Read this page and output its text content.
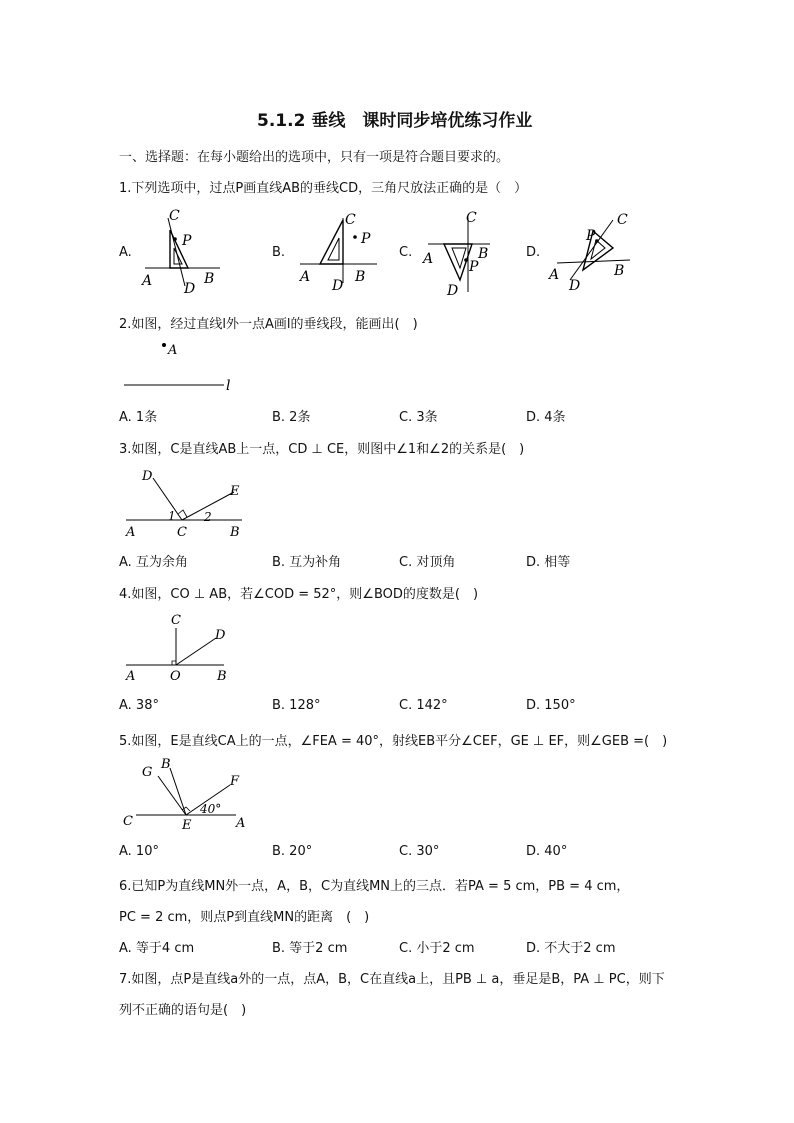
5.1.2 垂线　课时同步培优练习作业
一、选择题：在每小题给出的选项中，只有一项是符合题目要求的。
1.下列选项中，过点P画直线AB的垂线CD，三角尺放法正确的是（　）
A.
C
P
A D
B
B.
C
P
A
D
B
C.
C
A	B
P
D
D.
C
P
B
A
D
2.如图，经过直线l外一点A画l的垂线段，能画出(　)
A
l
A. 1条	B. 2条	C. 3条	D. 4条
3.如图，C是直线AB上一点，CD ⊥ CE，则图中∠1和∠2的关系是(　)
D
E
1 2
A	C	B
A. 互为余角	B. 互为补角	C. 对顶角	D. 相等
4.如图，CO ⊥ AB，若∠COD = 52°，则∠BOD的度数是(　)
C
D
A	O	B
A. 38°	B. 128°	C. 142°	D. 150°
5.如图，E是直线CA上的一点，∠FEA = 40°，射线EB平分∠CEF，GE ⊥ EF，则∠GEB =(　)
G
B
F
40°
C	E	A
A. 10°	B. 20°	C. 30°	D. 40°
6.已知P为直线MN外一点，A，B，C为直线MN上的三点．若PA = 5 cm，PB = 4 cm，
PC = 2 cm，则点P到直线MN的距离　(　)
A. 等于4 cm	B. 等于2 cm	C. 小于2 cm	D. 不大于2 cm
7.如图，点P是直线a外的一点，点A，B，C在直线a上，且PB ⊥ a，垂足是B，PA ⊥ PC，则下
列不正确的语句是(　)
